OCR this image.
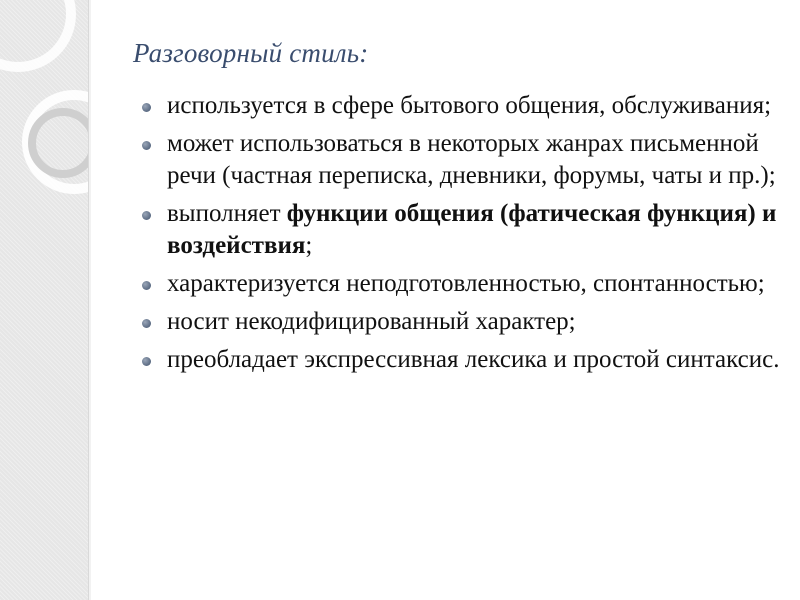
Разговорный стиль:
используется в сфере бытового общения, обслуживания;
может использоваться в некоторых жанрах письменной речи (частная переписка, дневники, форумы, чаты и пр.);
выполняет функции общения (фатическая функция) и воздействия;
характеризуется неподготовленностью, спонтанностью;
носит некодифицированный характер;
преобладает экспрессивная лексика и простой синтаксис.
